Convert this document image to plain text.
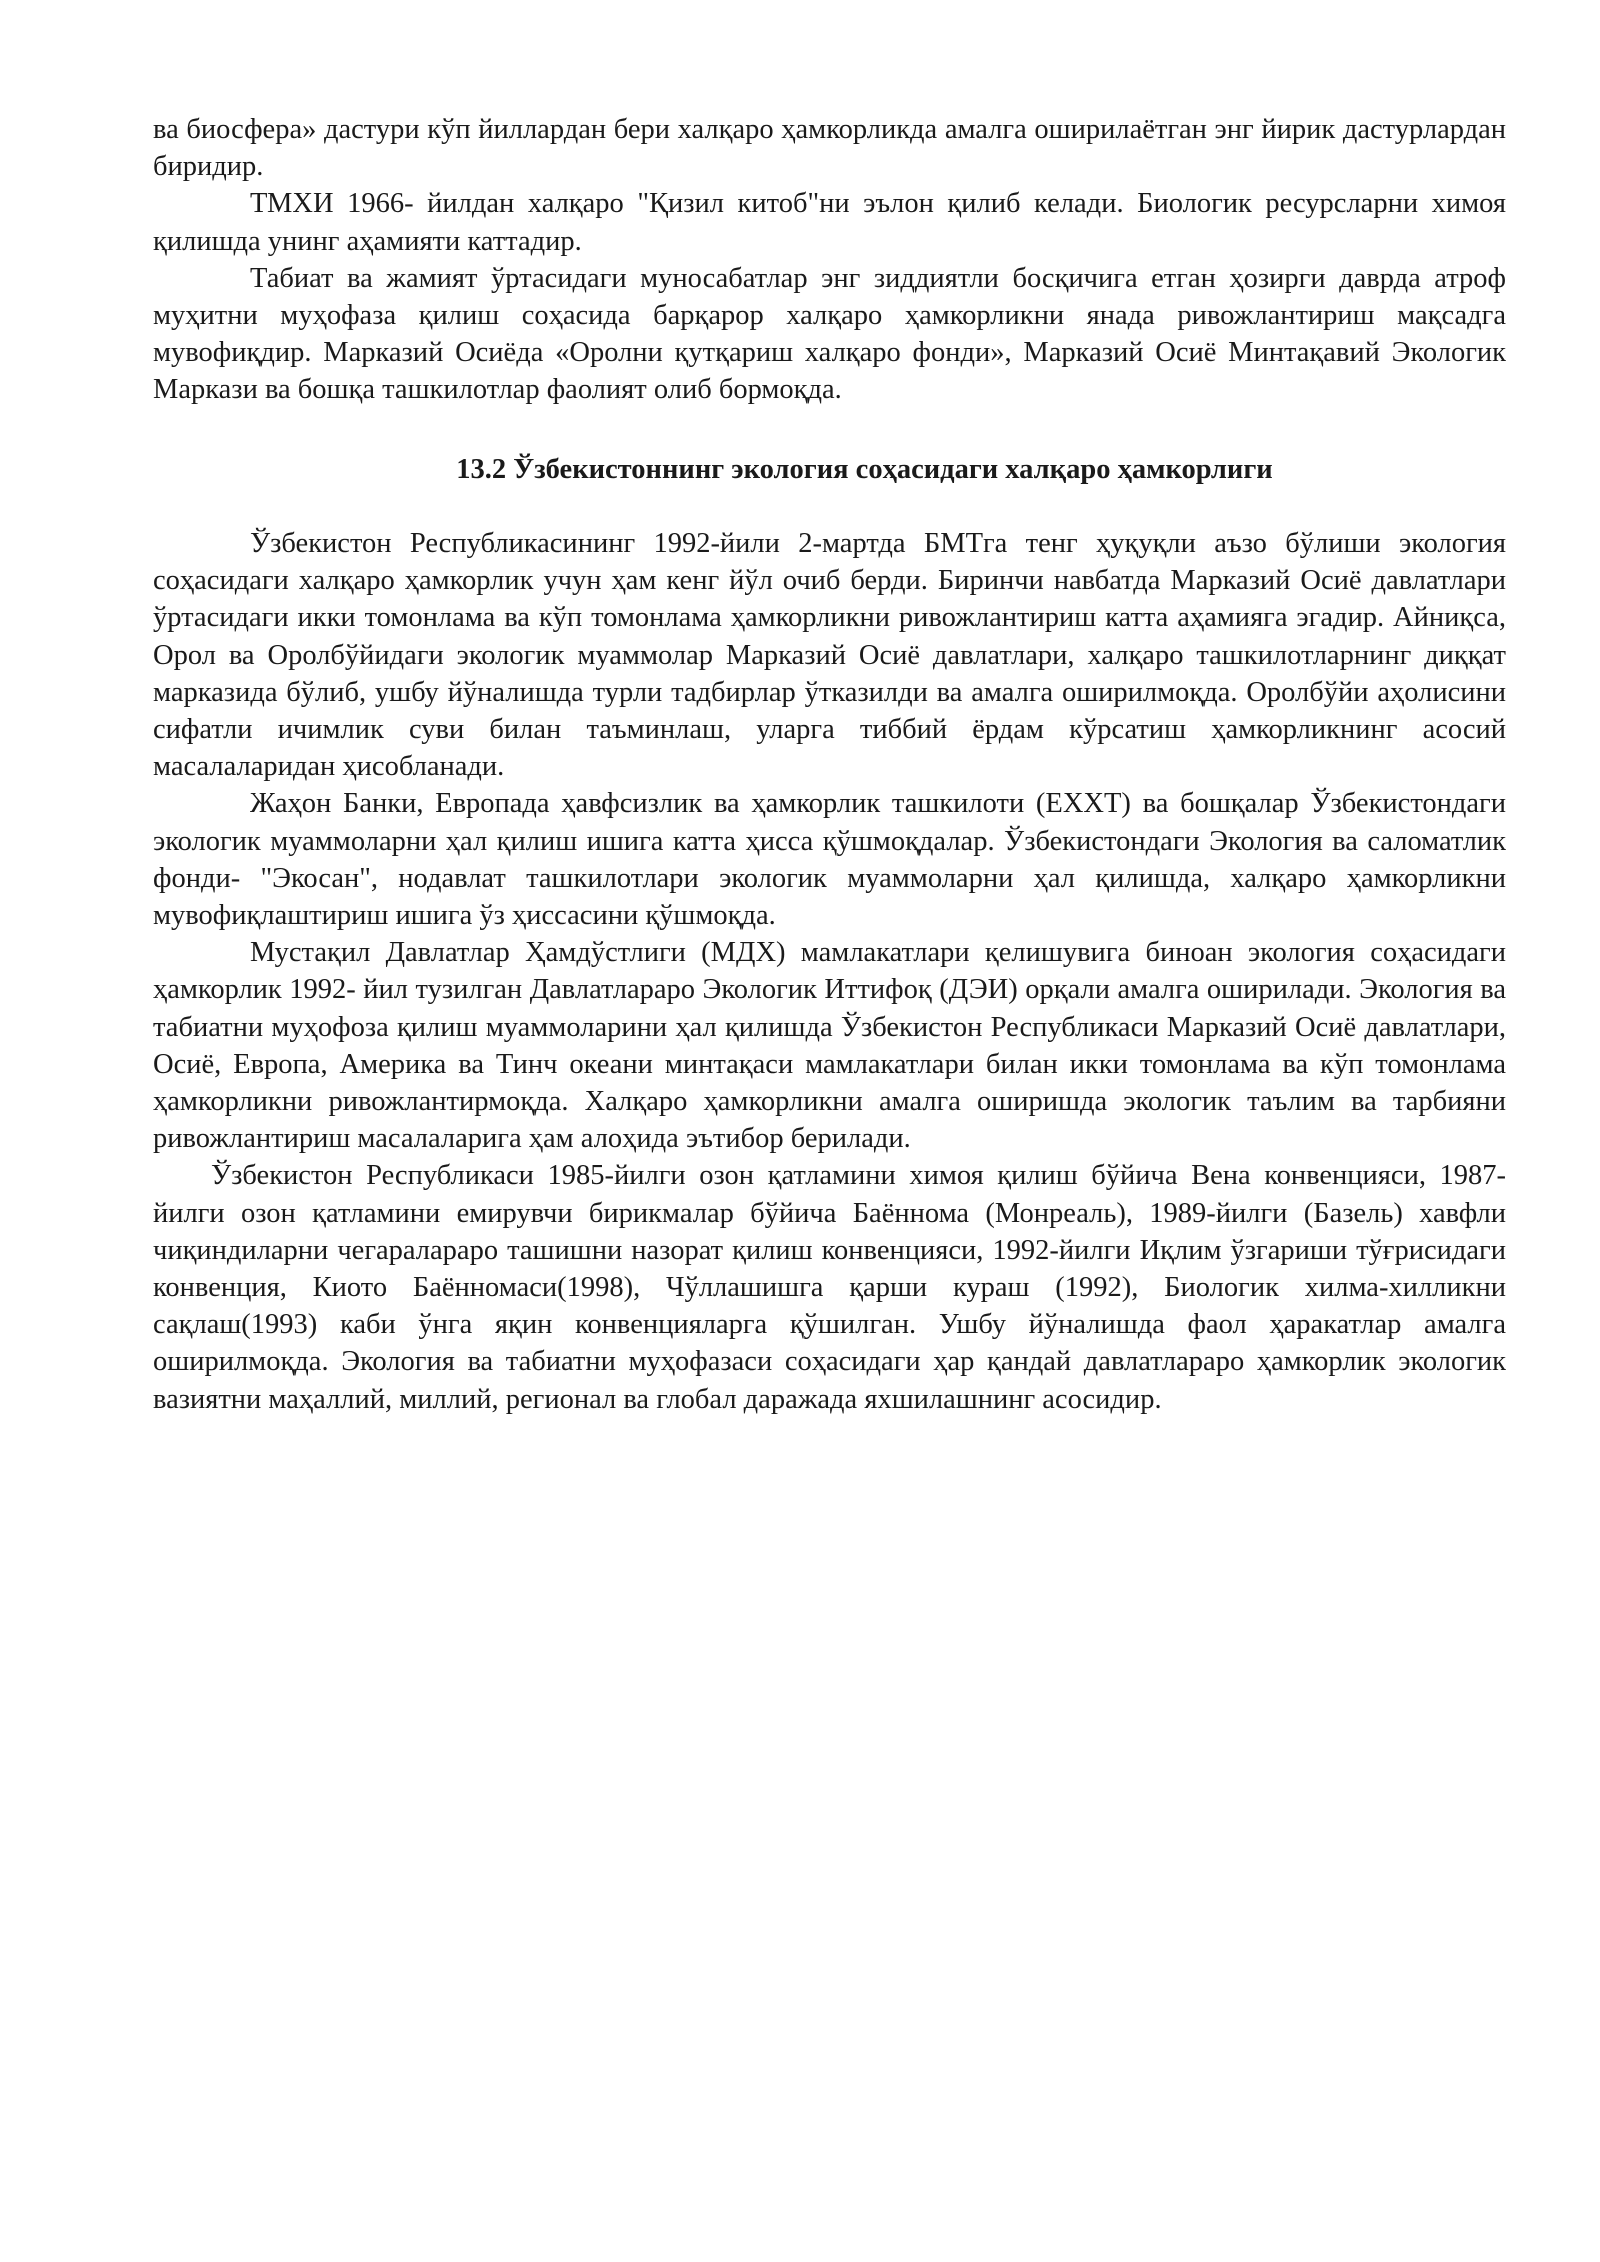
ва биосфера» дастури кўп йиллардан бери халқаро ҳамкорликда амалга оширилаётган энг йирик дастурлардан биридир.

ТМХИ 1966- йилдан халқаро "Қизил китоб"ни эълон қилиб келади. Биологик ресурсларни химоя қилишда унинг аҳамияти каттадир.

Табиат ва жамият ўртасидаги муносабатлар энг зиддиятли босқичига етган ҳозирги даврда атроф муҳитни муҳофаза қилиш соҳасида барқарор халқаро ҳамкорликни янада ривожлантириш мақсадга мувофиқдир. Марказий Осиёда «Оролни қутқариш халқаро фонди», Марказий Осиё Минтақавий Экологик Маркази ва бошқа ташкилотлар фаолият олиб бормоқда.

13.2 Ўзбекистоннинг экология соҳасидаги халқаро ҳамкорлиги

Ўзбекистон Республикасининг 1992-йили 2-мартда БМТга тенг ҳуқуқли аъзо бўлиши экология соҳасидаги халқаро ҳамкорлик учун ҳам кенг йўл очиб берди. Биринчи навбатда Марказий Осиё давлатлари ўртасидаги икки томонлама ва кўп томонлама ҳамкорликни ривожлантириш катта аҳамияга эгадир. Айниқса, Орол ва Оролбўйидаги экологик муаммолар Марказий Осиё давлатлари, халқаро ташкилотларнинг диққат марказида бўлиб, ушбу йўналишда турли тадбирлар ўтказилди ва амалга оширилмоқда. Оролбўйи аҳолисини сифатли ичимлик суви билан таъминлаш, уларга тиббий ёрдам кўрсатиш ҳамкорликнинг асосий масалаларидан ҳисобланади.

Жаҳон Банки, Европада ҳавфсизлик ва ҳамкорлик ташкилоти (ЕХХТ) ва бошқалар Ўзбекистондаги экологик муаммоларни ҳал қилиш ишига катта ҳисса қўшмоқдалар. Ўзбекистондаги Экология ва саломатлик фонди- "Экосан", нодавлат ташкилотлари экологик муаммоларни ҳал қилишда, халқаро ҳамкорликни мувофиқлаштириш ишига ўз ҳиссасини қўшмоқда.

Мустақил Давлатлар Ҳамдўстлиги (МДХ) мамлакатлари қелишувига биноан экология соҳасидаги ҳамкорлик 1992- йил тузилган Давлатлараро Экологик Иттифоқ (ДЭИ) орқали амалга оширилади. Экология ва табиатни муҳофоза қилиш муаммоларини ҳал қилишда Ўзбекистон Республикаси Марказий Осиё давлатлари, Осиё, Европа, Америка ва Тинч океани минтақаси мамлакатлари билан икки томонлама ва кўп томонлама ҳамкорликни ривожлантирмоқда. Халқаро ҳамкорликни амалга оширишда экологик таълим ва тарбияни ривожлантириш масалаларига ҳам алоҳида эътибор берилади.

Ўзбекистон Республикаси 1985-йилги озон қатламини химоя қилиш бўйича Вена конвенцияси, 1987-йилги озон қатламини емирувчи бирикмалар бўйича Баённома (Монреаль), 1989-йилги (Базель) хавфли чиқиндиларни чегаралараро ташишни назорат қилиш конвенцияси, 1992-йилги Иқлим ўзгариши тўғрисидаги конвенция, Киото Баённомаси(1998), Чўллашишга қарши кураш (1992), Биологик хилма-хилликни сақлаш(1993) каби ўнга яқин конвенцияларга қўшилган. Ушбу йўналишда фаол ҳаракатлар амалга оширилмоқда. Экология ва табиатни муҳофазаси соҳасидаги ҳар қандай давлатлараро ҳамкорлик экологик вазиятни маҳаллий, миллий, регионал ва глобал даражада яхшилашнинг асосидир.
